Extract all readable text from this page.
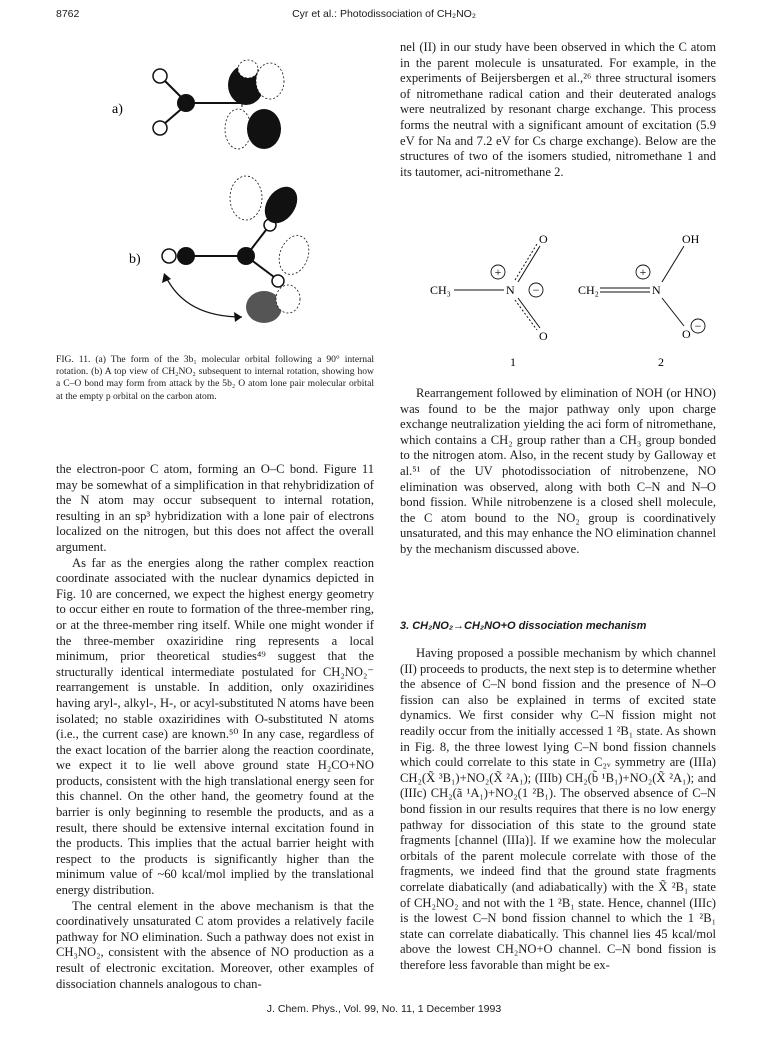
8762	Cyr et al.: Photodissociation of CH₂NO₂
a)
b)
FIG. 11. (a) The form of the 3b₁ molecular orbital following a 90° internal rotation. (b) A top view of CH₂NO₂ subsequent to internal rotation, showing how a C–O bond may form from attack by the 5b₂ O atom lone pair molecular orbital at the empty p orbital on the carbon atom.

the electron-poor C atom, forming an O–C bond. Figure 11 may be somewhat of a simplification in that rehybridization of the N atom may occur subsequent to internal rotation, resulting in an sp³ hybridization with a lone pair of electrons localized on the nitrogen, but this does not affect the overall argument.

As far as the energies along the rather complex reaction coordinate associated with the nuclear dynamics depicted in Fig. 10 are concerned, we expect the highest energy geometry to occur either en route to formation of the three-member ring, or at the three-member ring itself. While one might wonder if the three-member oxaziridine ring represents a local minimum, prior theoretical studies⁴⁹ suggest that the structurally identical intermediate postulated for CH₂NO₂⁻ rearrangement is unstable. In addition, only oxaziridines having aryl-, alkyl-, H-, or acyl-substituted N atoms have been isolated; no stable oxaziridines with O-substituted N atoms (i.e., the current case) are known.⁵⁰ In any case, regardless of the exact location of the barrier along the reaction coordinate, we expect it to lie well above ground state H₂CO+NO products, consistent with the high translational energy seen for this channel. On the other hand, the geometry found at the barrier is only beginning to resemble the products, and as a result, there should be extensive internal excitation found in the products. This implies that the actual barrier height with respect to the products is significantly higher than the minimum value of ~60 kcal/mol implied by the translational energy distribution.

The central element in the above mechanism is that the coordinatively unsaturated C atom provides a relatively facile pathway for NO elimination. Such a pathway does not exist in CH₃NO₂, consistent with the absence of NO production as a result of electronic excitation. Moreover, other examples of dissociation channels analogous to chan-

nel (II) in our study have been observed in which the C atom in the parent molecule is unsaturated. For example, in the experiments of Beijersbergen et al.,²⁶ three structural isomers of nitromethane radical cation and their deuterated analogs were neutralized by resonant charge exchange. This process forms the neutral with a significant amount of excitation (5.9 eV for Na and 7.2 eV for Cs charge exchange). Below are the structures of two of the isomers studied, nitromethane 1 and its tautomer, aci-nitromethane 2.

CH₃	N
O
O
+
−
1
CH₂	N
OH
O
+
−
2

Rearrangement followed by elimination of NOH (or HNO) was found to be the major pathway only upon charge exchange neutralization yielding the aci form of nitromethane, which contains a CH₂ group rather than a CH₃ group bonded to the nitrogen atom. Also, in the recent study by Galloway et al.⁵¹ of the UV photodissociation of nitrobenzene, NO elimination was observed, along with both C–N and N–O bond fission. While nitrobenzene is a closed shell molecule, the C atom bound to the NO₂ group is coordinatively unsaturated, and this may enhance the NO elimination channel by the mechanism discussed above.

3. CH₂NO₂→CH₂NO+O dissociation mechanism

Having proposed a possible mechanism by which channel (II) proceeds to products, the next step is to determine whether the absence of C–N bond fission and the presence of N–O fission can also be explained in terms of excited state dynamics. We first consider why C–N fission might not readily occur from the initially accessed 1 ²B₁ state. As shown in Fig. 8, the three lowest lying C–N bond fission channels which could correlate to this state in C₂ᵥ symmetry are (IIIa) CH₂(X̃ ³B₁)+NO₂(X̃ ²A₁); (IIIb) CH₂(b̃ ¹B₁)+NO₂(X̃ ²A₁); and (IIIc) CH₂(ã ¹A₁)+NO₂(1 ²B₁). The observed absence of C–N bond fission in our results requires that there is no low energy pathway for dissociation of this state to the ground state fragments [channel (IIIa)]. If we examine how the molecular orbitals of the parent molecule correlate with those of the fragments, we indeed find that the ground state fragments correlate diabatically (and adiabatically) with the X̃ ²B₁ state of CH₂NO₂ and not with the 1 ²B₁ state. Hence, channel (IIIc) is the lowest C–N bond fission channel to which the 1 ²B₁ state can correlate diabatically. This channel lies 45 kcal/mol above the lowest CH₂NO+O channel. C–N bond fission is therefore less favorable than might be ex-

J. Chem. Phys., Vol. 99, No. 11, 1 December 1993
